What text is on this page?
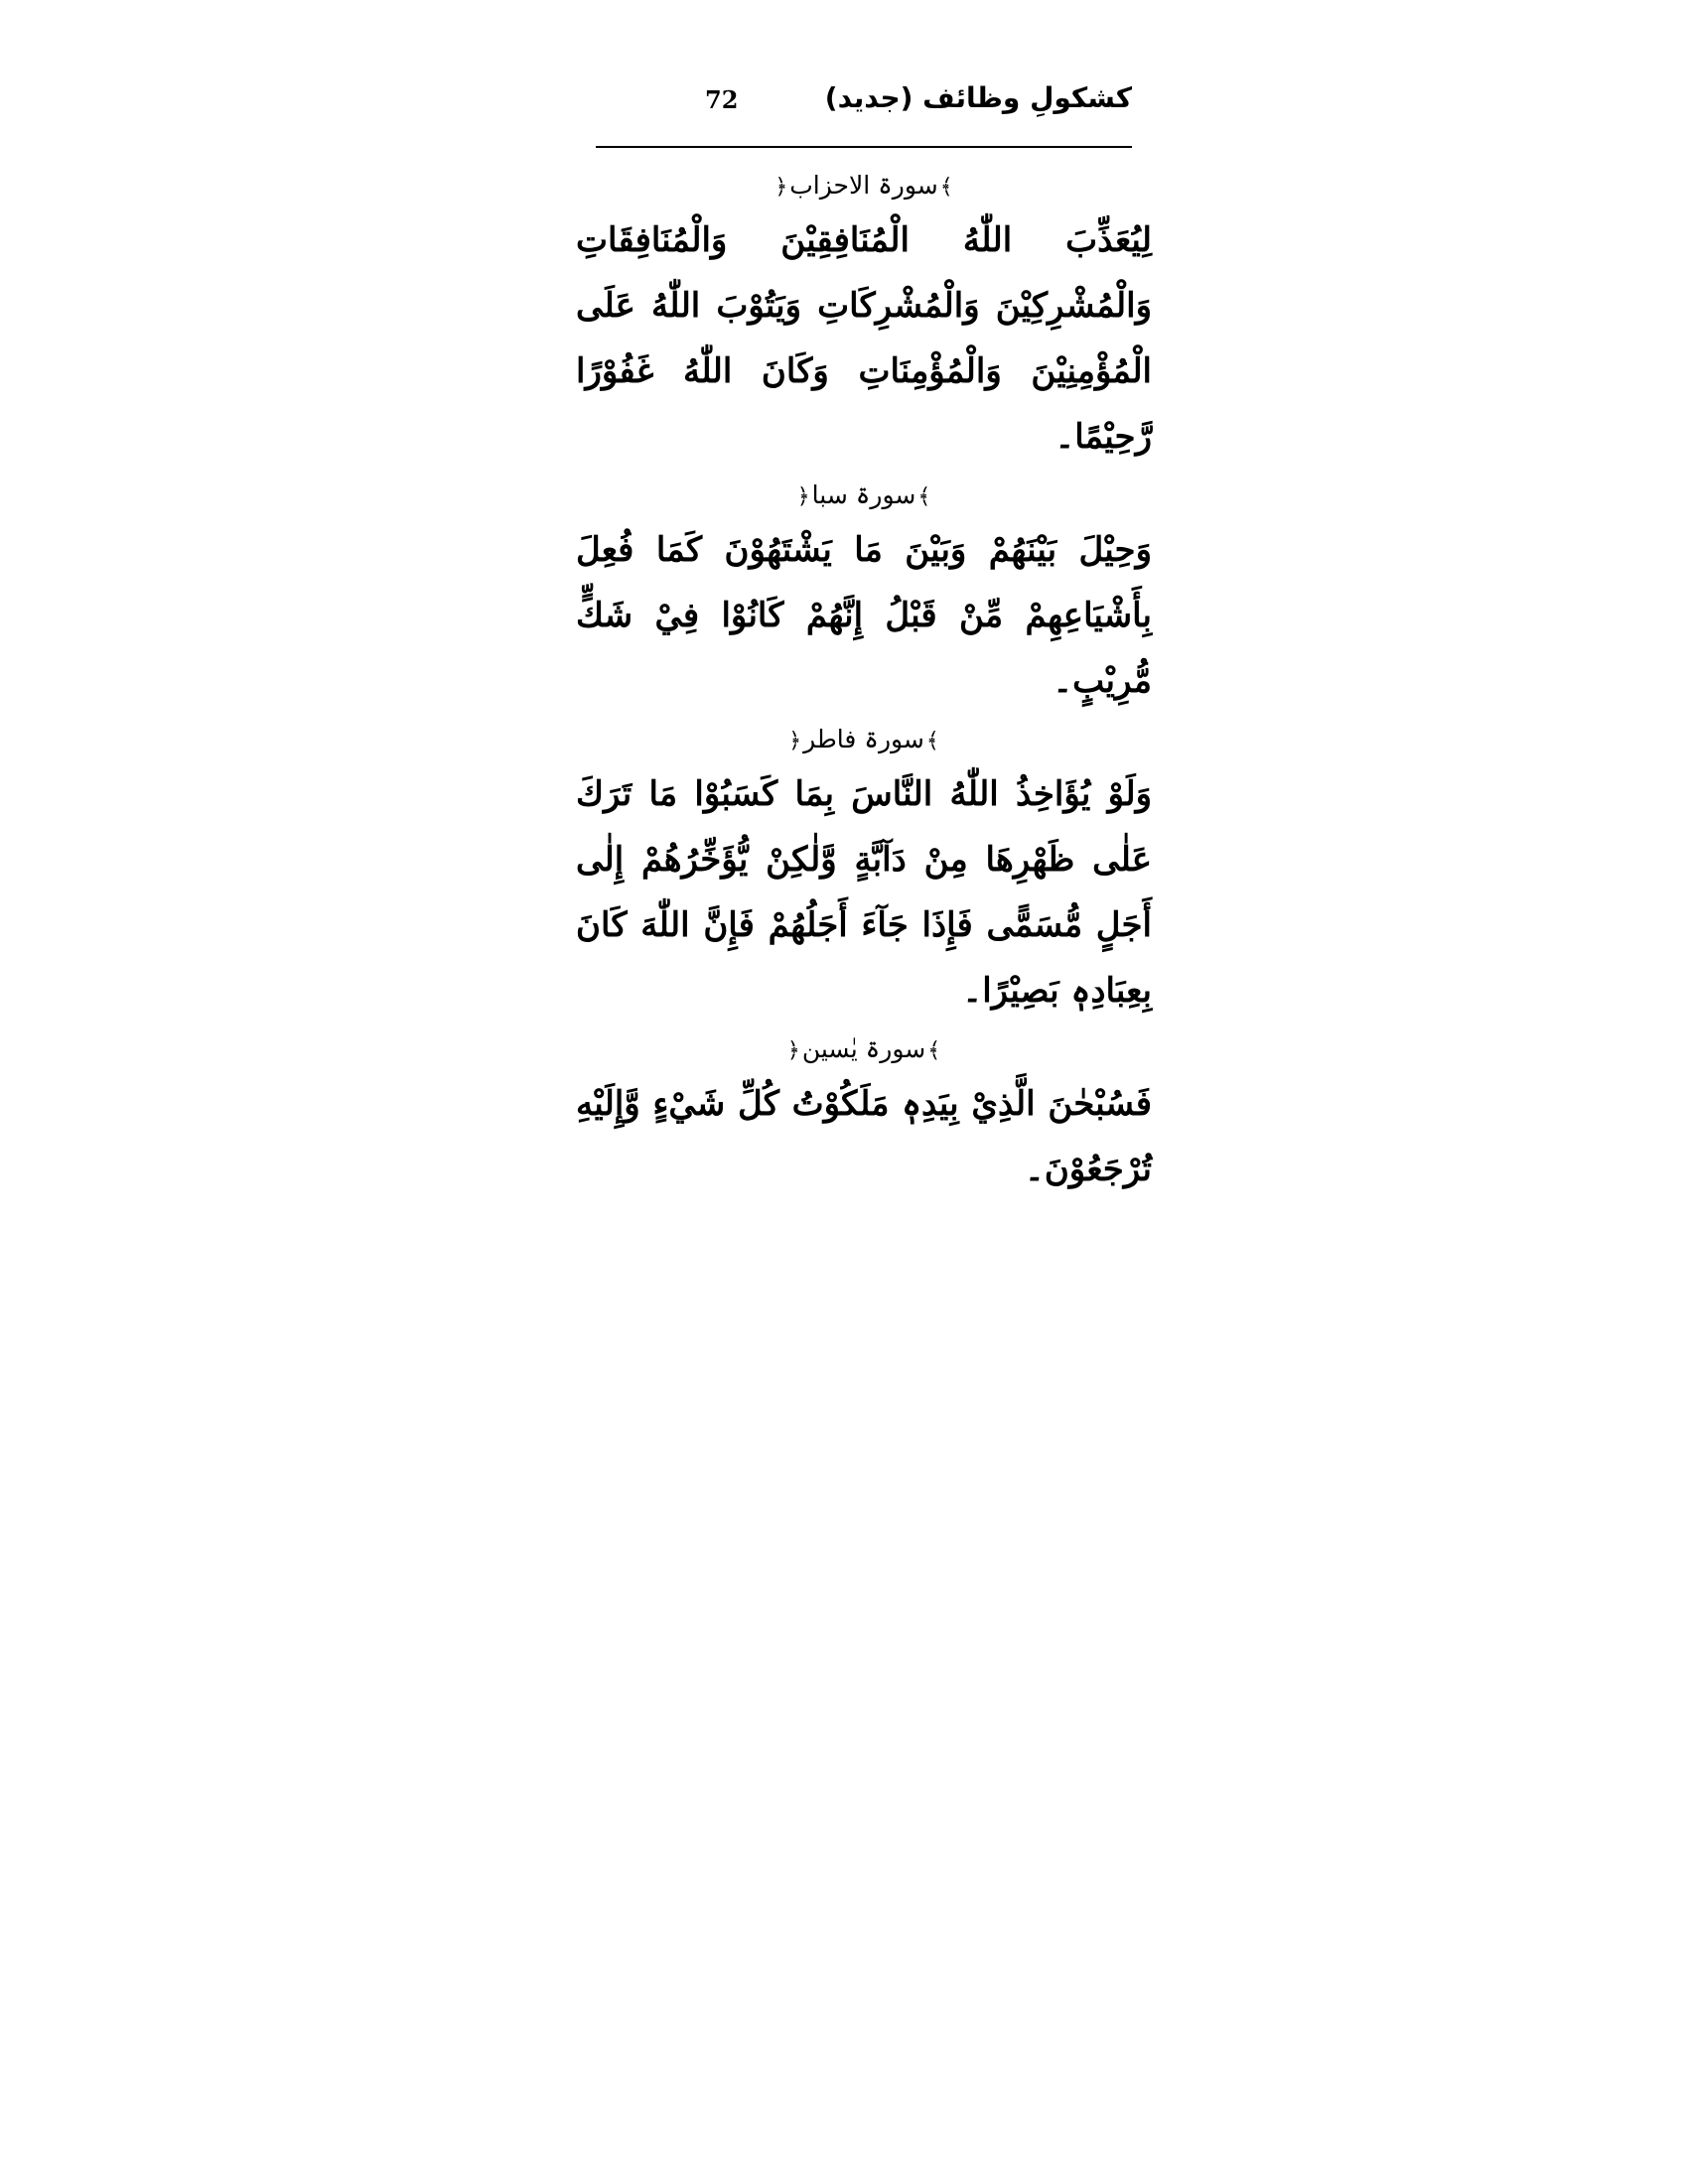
72	کشکولِ وظائف (جدید)
﴾سورۃ الاحزاب﴿

لِيُعَذِّبَ اللّٰهُ الْمُنَافِقِيْنَ وَالْمُنَافِقَاتِ وَالْمُشْرِكِيْنَ وَالْمُشْرِكَاتِ وَيَتُوْبَ اللّٰهُ عَلَى الْمُؤْمِنِيْنَ وَالْمُؤْمِنَاتِ وَكَانَ اللّٰهُ غَفُوْرًا رَّحِيْمًا۔

﴾سورۃ سبا﴿

وَحِيْلَ بَيْنَهُمْ وَبَيْنَ مَا يَشْتَهُوْنَ كَمَا فُعِلَ بِأَشْيَاعِهِمْ مِّنْ قَبْلُ إِنَّهُمْ كَانُوْا فِيْ شَكٍّ مُّرِيْبٍ۔

﴾سورۃ فاطر﴿

وَلَوْ يُؤَاخِذُ اللّٰهُ النَّاسَ بِمَا كَسَبُوْا مَا تَرَكَ عَلٰى ظَهْرِهَا مِنْ دَآبَّةٍ وَّلٰكِنْ يُّؤَخِّرُهُمْ إِلٰى أَجَلٍ مُّسَمًّى فَإِذَا جَآءَ أَجَلُهُمْ فَإِنَّ اللّٰهَ كَانَ بِعِبَادِهٖ بَصِيْرًا۔

﴾سورۃ یٰسین﴿

فَسُبْحٰنَ الَّذِيْ بِيَدِهٖ مَلَكُوْتُ كُلِّ شَيْءٍ وَّإِلَيْهِ تُرْجَعُوْنَ۔
